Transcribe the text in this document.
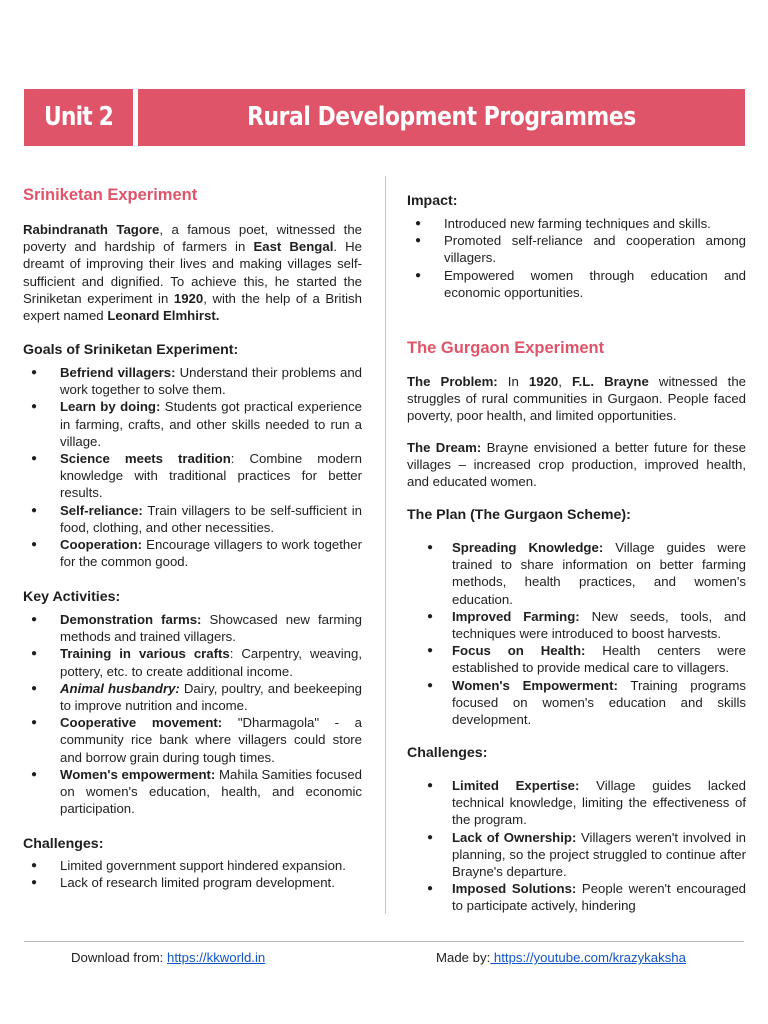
Unit 2	Rural Development Programmes
Sriniketan Experiment

Rabindranath Tagore, a famous poet, witnessed the poverty and hardship of farmers in East Bengal. He dreamt of improving their lives and making villages self-sufficient and dignified. To achieve this, he started the Sriniketan experiment in 1920, with the help of a British expert named Leonard Elmhirst.

Goals of Sriniketan Experiment:
● Befriend villagers: Understand their problems and work together to solve them.
● Learn by doing: Students got practical experience in farming, crafts, and other skills needed to run a village.
● Science meets tradition: Combine modern knowledge with traditional practices for better results.
● Self-reliance: Train villagers to be self-sufficient in food, clothing, and other necessities.
● Cooperation: Encourage villagers to work together for the common good.
Key Activities:
● Demonstration farms: Showcased new farming methods and trained villagers.
● Training in various crafts: Carpentry, weaving, pottery, etc. to create additional income.
● Animal husbandry: Dairy, poultry, and beekeeping to improve nutrition and income.
● Cooperative movement: "Dharmagola" - a community rice bank where villagers could store and borrow grain during tough times.
● Women's empowerment: Mahila Samities focused on women's education, health, and economic participation.
Challenges:
● Limited government support hindered expansion.
● Lack of research limited program development.
Impact:
● Introduced new farming techniques and skills.
● Promoted self-reliance and cooperation among villagers.
● Empowered women through education and economic opportunities.
The Gurgaon Experiment

The Problem: In 1920, F.L. Brayne witnessed the struggles of rural communities in Gurgaon. People faced poverty, poor health, and limited opportunities.

The Dream: Brayne envisioned a better future for these villages – increased crop production, improved health, and educated women.

The Plan (The Gurgaon Scheme):
● Spreading Knowledge: Village guides were trained to share information on better farming methods, health practices, and women's education.
● Improved Farming: New seeds, tools, and techniques were introduced to boost harvests.
● Focus on Health: Health centers were established to provide medical care to villagers.
● Women's Empowerment: Training programs focused on women's education and skills development.
Challenges:
● Limited Expertise: Village guides lacked technical knowledge, limiting the effectiveness of the program.
● Lack of Ownership: Villagers weren't involved in planning, so the project struggled to continue after Brayne's departure.
● Imposed Solutions: People weren't encouraged to participate actively, hindering
Download from: https://kkworld.in	Made by: https://youtube.com/krazykaksha
